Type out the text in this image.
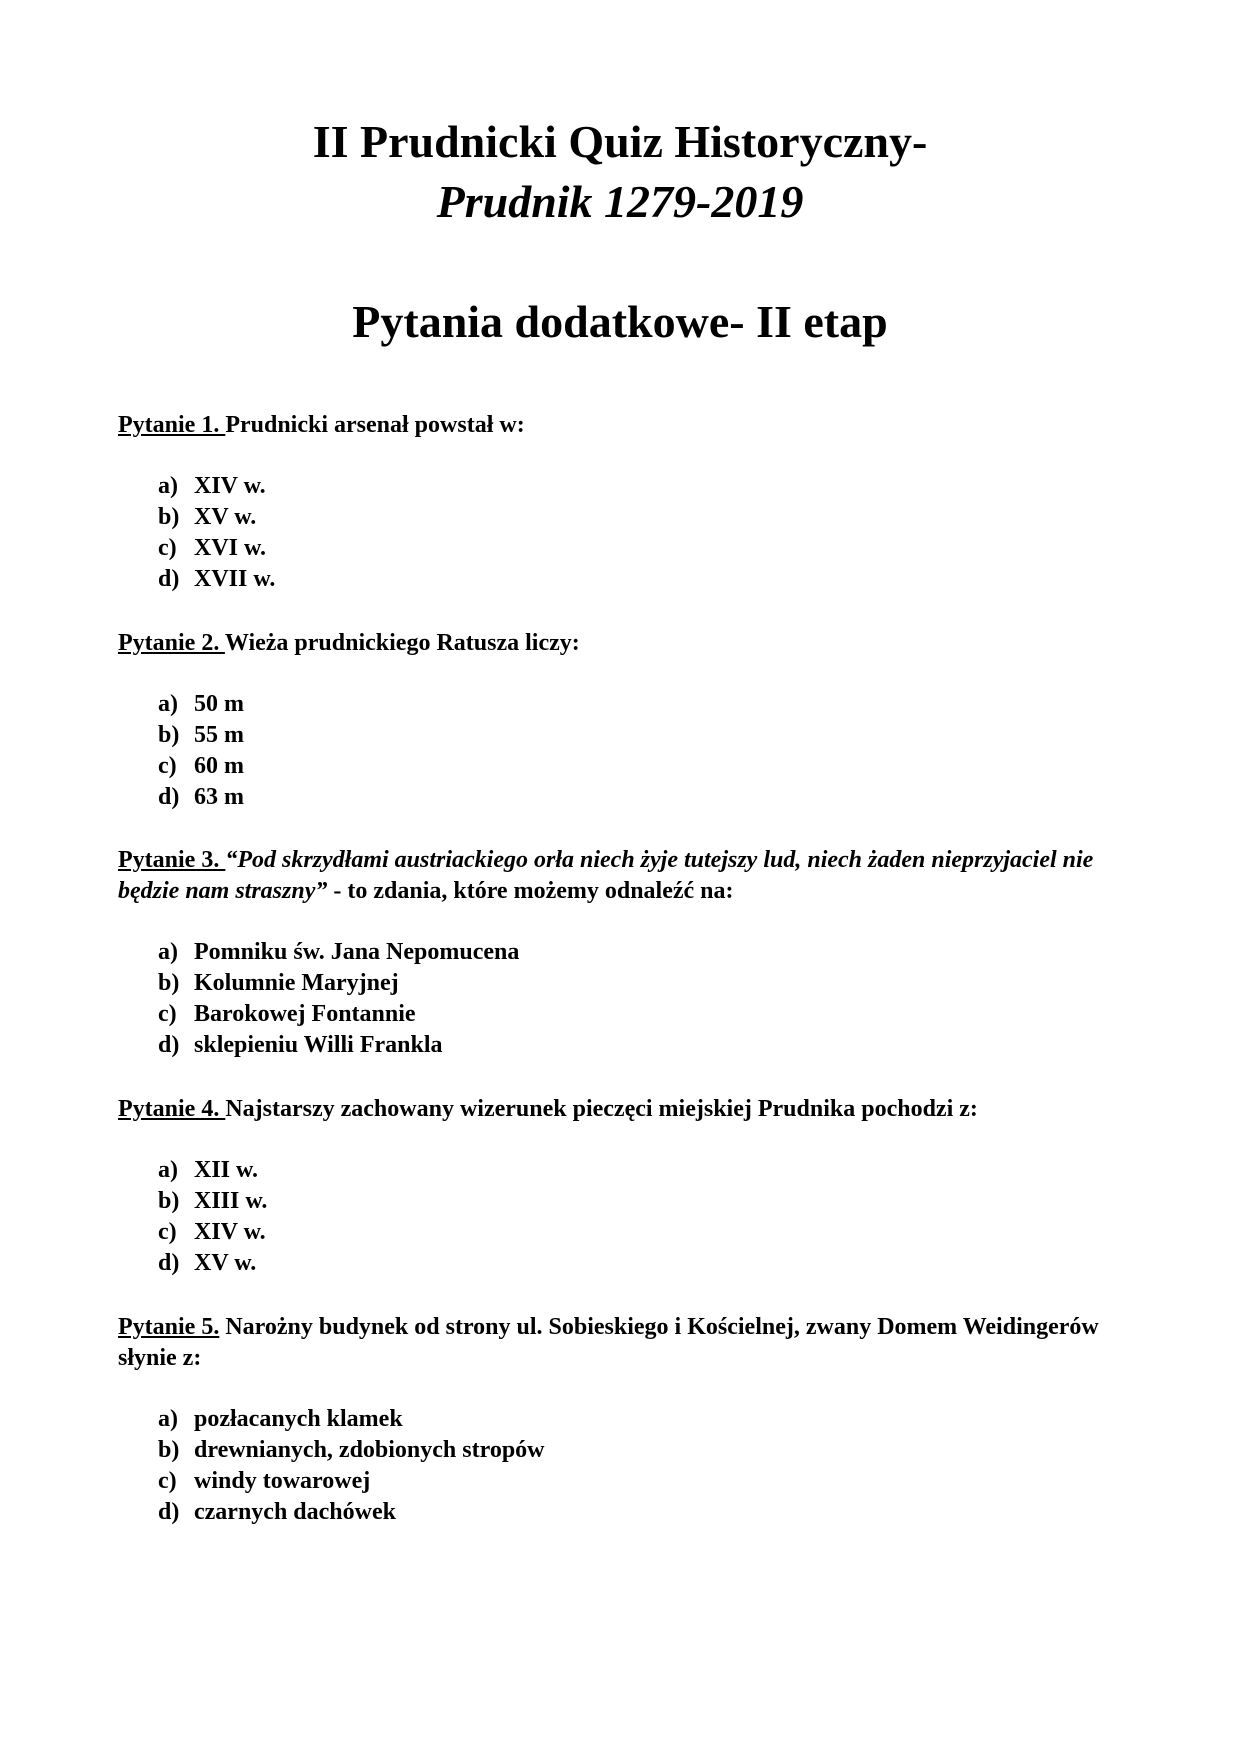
II Prudnicki Quiz Historyczny-
Prudnik 1279-2019
Pytania dodatkowe- II etap
Pytanie 1. Prudnicki arsenał powstał w:
a) XIV w.
b) XV w.
c) XVI w.
d) XVII w.
Pytanie 2. Wieża prudnickiego Ratusza liczy:
a) 50 m
b) 55 m
c) 60 m
d) 63 m
Pytanie 3. “Pod skrzydłami austriackiego orła niech żyje tutejszy lud, niech żaden nieprzyjaciel nie będzie nam straszny” - to zdania, które możemy odnaleźć na:
a) Pomniku św. Jana Nepomucena
b) Kolumnie Maryjnej
c) Barokowej Fontannie
d) sklepieniu Willi Frankla
Pytanie 4. Najstarszy zachowany wizerunek pieczęci miejskiej Prudnika pochodzi z:
a) XII w.
b) XIII w.
c) XIV w.
d) XV w.
Pytanie 5. Narożny budynek od strony ul. Sobieskiego i Kościelnej, zwany Domem Weidingerów słynie z:
a) pozłacanych klamek
b) drewnianych, zdobionych stropów
c) windy towarowej
d) czarnych dachówek
